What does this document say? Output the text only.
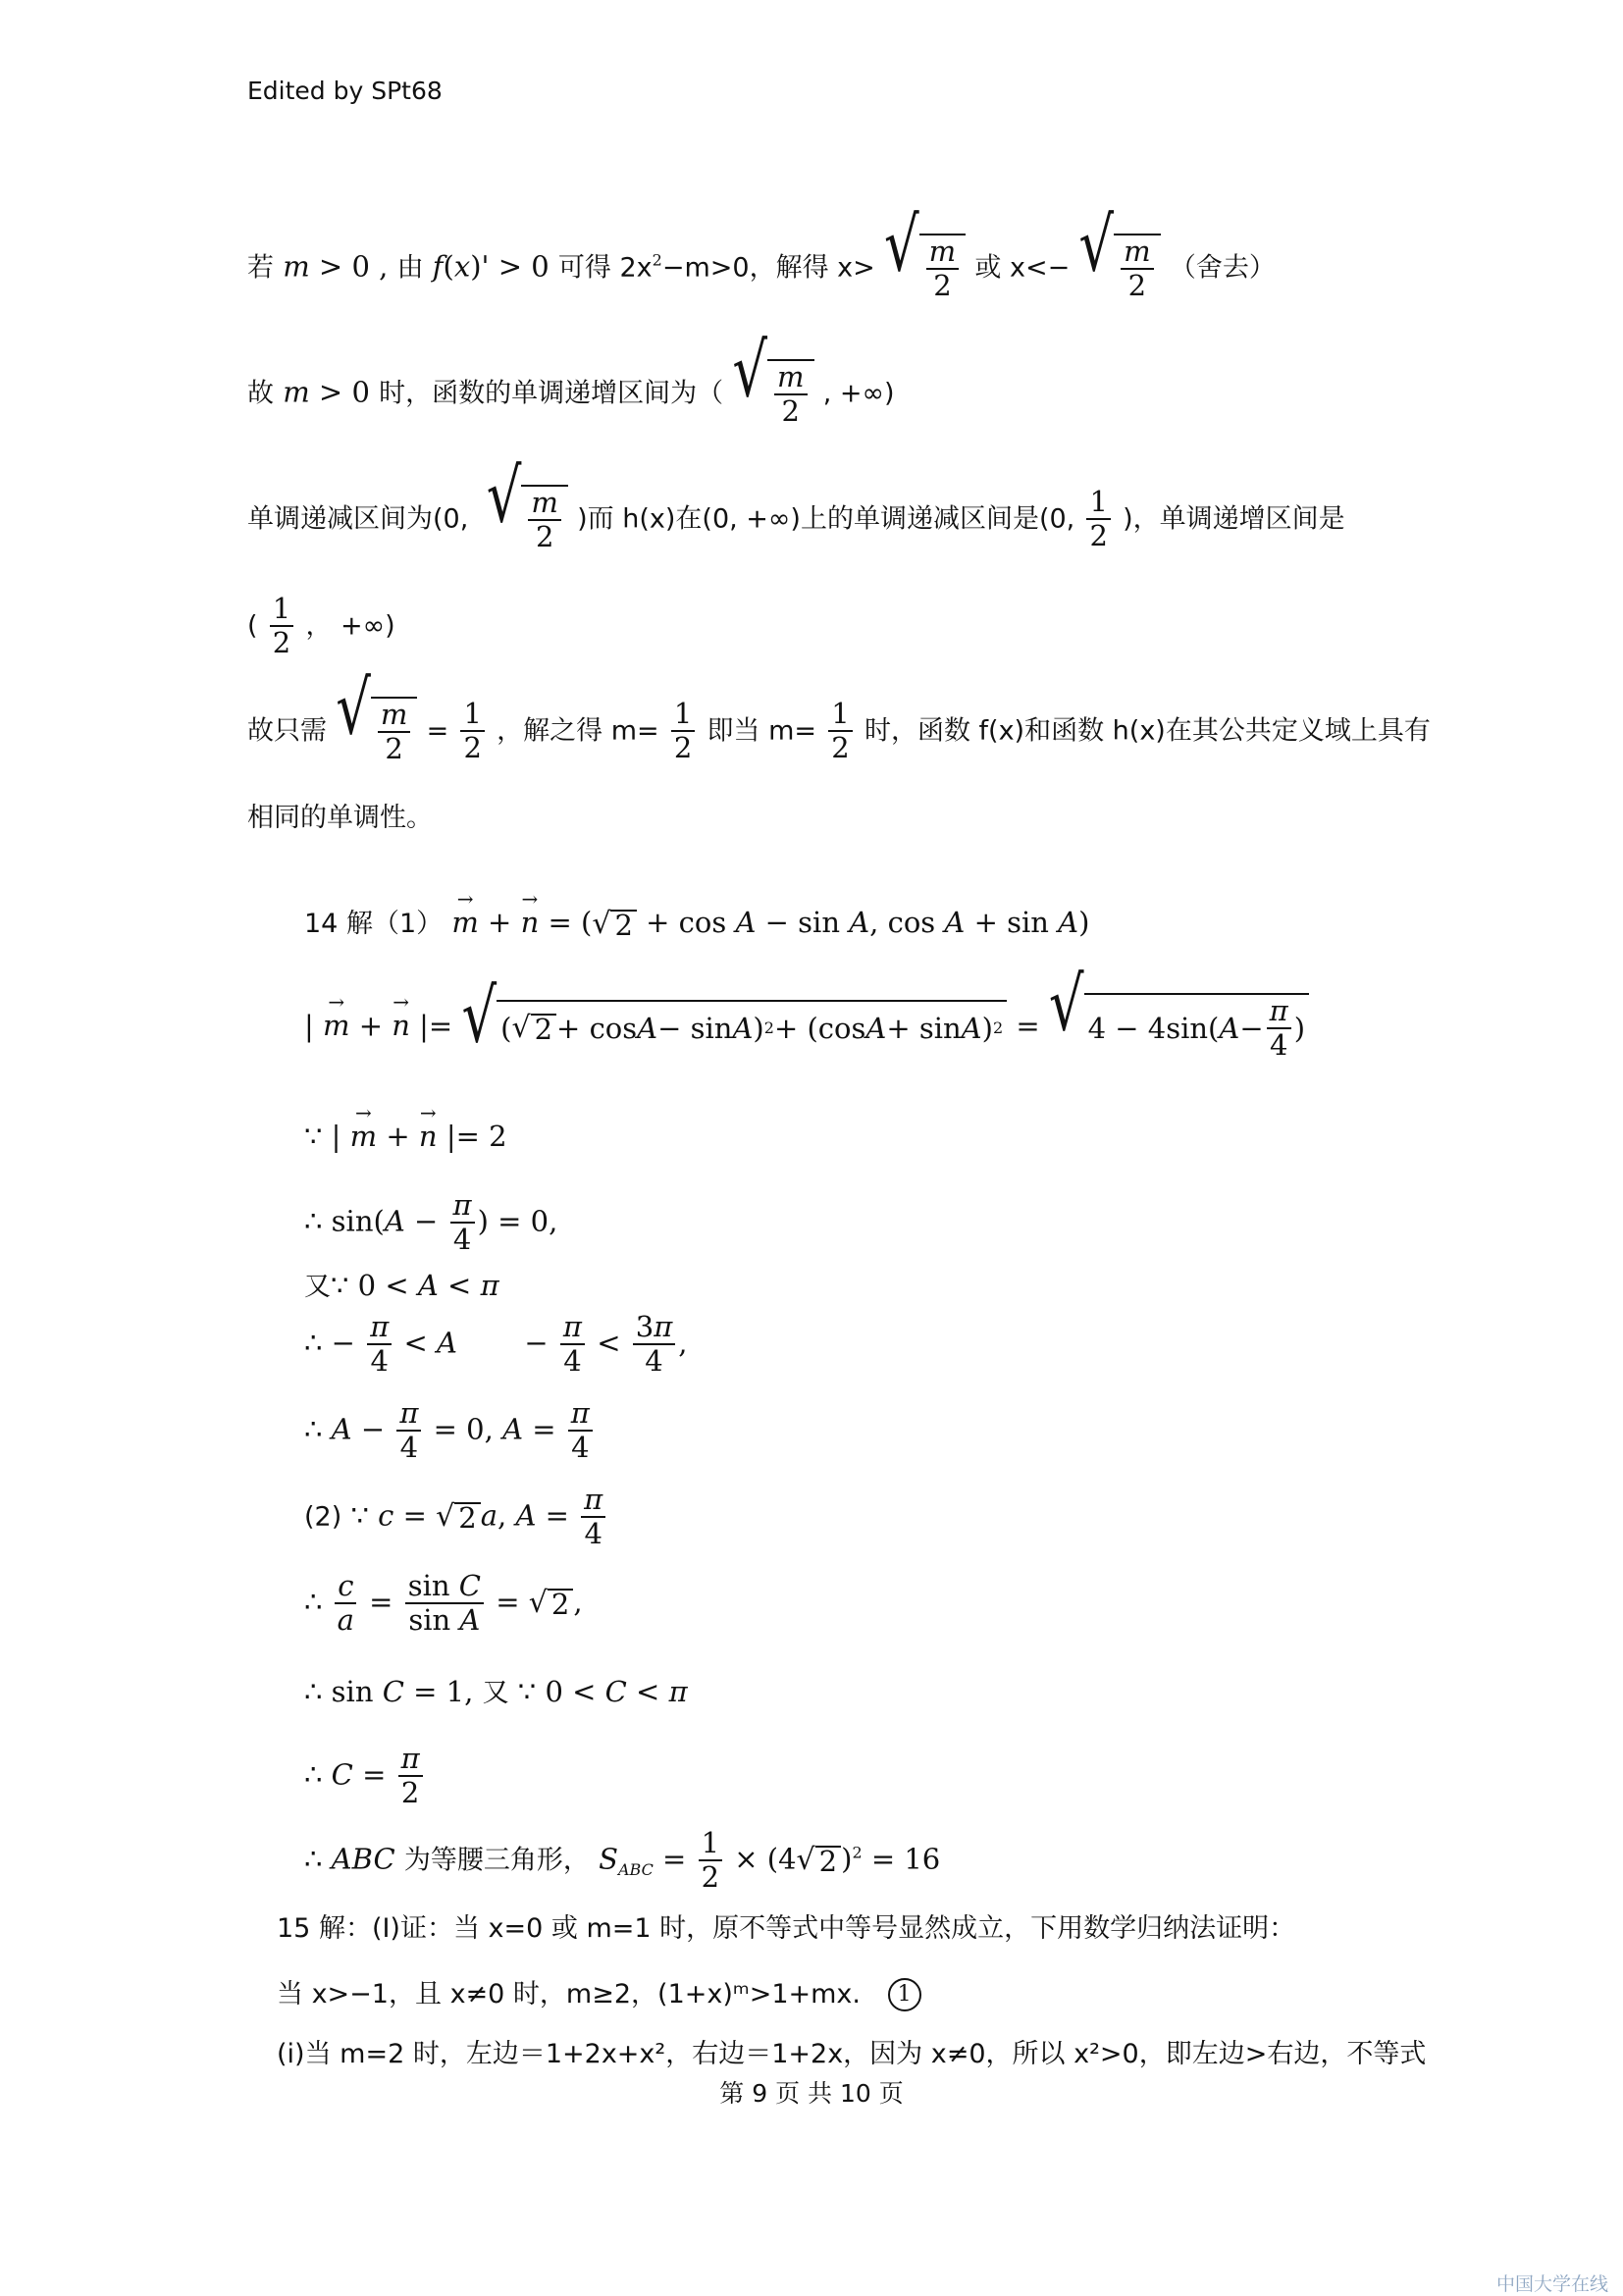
Edited by SPt68
若 m > 0 , 由 f(x)' > 0 可得 $2x^2-m>0$，解得 x> √ m
2
或 x<− √ m
2
（舍去）
故 m > 0 时，函数的单调递增区间为（ √ m
2
, +∞)
单调递减区间为(0, √ m
2
)而 h(x)在(0, +∞)上的单调递减区间是(0, $\frac{1}{2}$ )，单调递增区间是
( $\frac{1}{2}$ ， +∞)
故只需 √ m
2
= $\frac{1}{2}$ ，解之得 $m= \frac{1}{2}$ 即当 $m= \frac{1}{2}$ 时，函数 f(x)和函数 h(x)在其公共定义域上具有
相同的单调性。
14 解（1） → m + → n = ( √ 2 + cos A − sin A, cos A + sin A)
| → m + → n |= √ ( √ 2 + cos A − sin A ) 2 + (cos A + sin A ) 2 = √ 4 − 4sin( A −
π
4
)
∵ | → m + → n |= 2
∴ $\sin(A - \frac{\pi}{4}$ ) = 0,
又∵ 0 < A < π
∴ − $\frac{\pi}{4} < A - \frac{\pi}{4} < \frac{3\pi}{4}$ ,
∴ $A - \frac{\pi}{4} = 0$, $A = \frac{\pi}{4}$
(2) ∵ c = √ 2 a, $A = \frac{\pi}{4}$
∴ $\frac{c}{a} = \frac{\text{sin C}}{\text{sin A}}$ = √ 2 ,
∴ sin C = 1, 又 ∵ 0 < C < π
∴ $C = \frac{\pi}{2}$
∴ ABC 为等腰三角形， $S_{ABC} = \frac{1}{2} \times (4$ √ 2 )$^2$ = 16
15 解：(Ⅰ)证：当 x=0 或 m=1 时，原不等式中等号显然成立，下用数学归纳法证明：
当 x>−1，且 x≠0 时，m≥2，(1+x)ᵐ>1+mx. 1
(i)当 m=2 时，左边＝1+2x+x²，右边＝1+2x，因为 x≠0，所以 x²>0，即左边>右边，不等式
第 9 页 共 10 页
中国大学在线
